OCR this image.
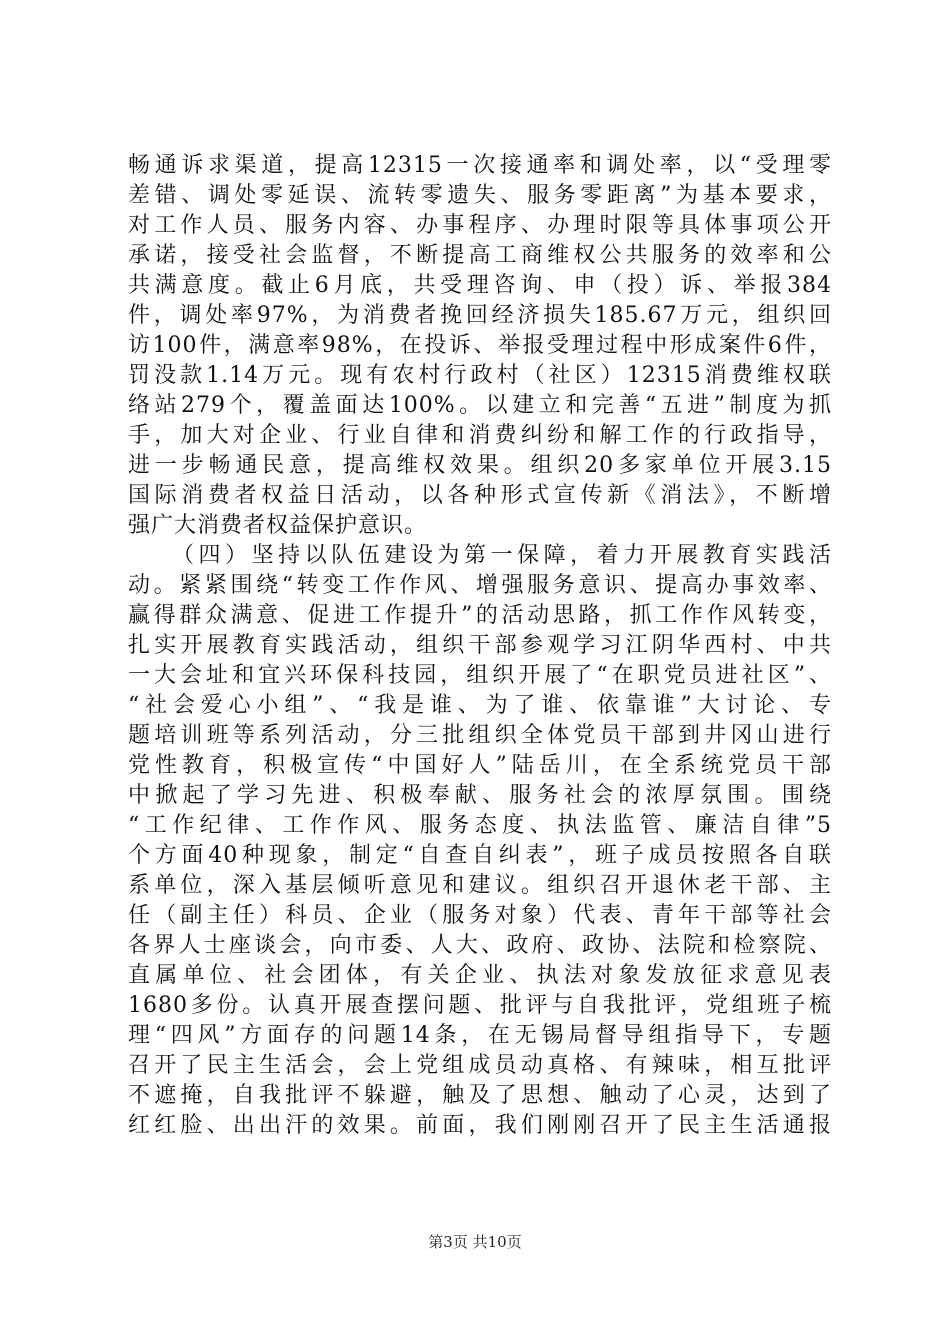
畅通诉求渠道，提高12315一次接通率和调处率，以“受理零
差错、调处零延误、流转零遗失、服务零距离”为基本要求，
对工作人员、服务内容、办事程序、办理时限等具体事项公开
承诺，接受社会监督，不断提高工商维权公共服务的效率和公
共满意度。截止6月底，共受理咨询、申（投）诉、举报384
件，调处率97%，为消费者挽回经济损失185.67万元，组织回
访100件，满意率98%，在投诉、举报受理过程中形成案件6件，
罚没款1.14万元。现有农村行政村（社区）12315消费维权联
络站279个，覆盖面达100%。以建立和完善“五进”制度为抓
手，加大对企业、行业自律和消费纠纷和解工作的行政指导，
进一步畅通民意，提高维权效果。组织20多家单位开展3.15
国际消费者权益日活动，以各种形式宣传新《消法》，不断增
强广大消费者权益保护意识。
（四）坚持以队伍建设为第一保障，着力开展教育实践活
动。紧紧围绕“转变工作作风、增强服务意识、提高办事效率、
赢得群众满意、促进工作提升”的活动思路，抓工作作风转变，
扎实开展教育实践活动，组织干部参观学习江阴华西村、中共
一大会址和宜兴环保科技园，组织开展了“在职党员进社区”、
“社会爱心小组”、“我是谁、为了谁、依靠谁”大讨论、专
题培训班等系列活动，分三批组织全体党员干部到井冈山进行
党性教育，积极宣传“中国好人”陆岳川，在全系统党员干部
中掀起了学习先进、积极奉献、服务社会的浓厚氛围。围绕
“工作纪律、工作作风、服务态度、执法监管、廉洁自律”5
个方面40种现象，制定“自查自纠表”，班子成员按照各自联
系单位，深入基层倾听意见和建议。组织召开退休老干部、主
任（副主任）科员、企业（服务对象）代表、青年干部等社会
各界人士座谈会，向市委、人大、政府、政协、法院和检察院、
直属单位、社会团体，有关企业、执法对象发放征求意见表
1680多份。认真开展查摆问题、批评与自我批评，党组班子梳
理“四风”方面存的问题14条，在无锡局督导组指导下，专题
召开了民主生活会，会上党组成员动真格、有辣味，相互批评
不遮掩，自我批评不躲避，触及了思想、触动了心灵，达到了
红红脸、出出汗的效果。前面，我们刚刚召开了民主生活通报
第3页 共10页
